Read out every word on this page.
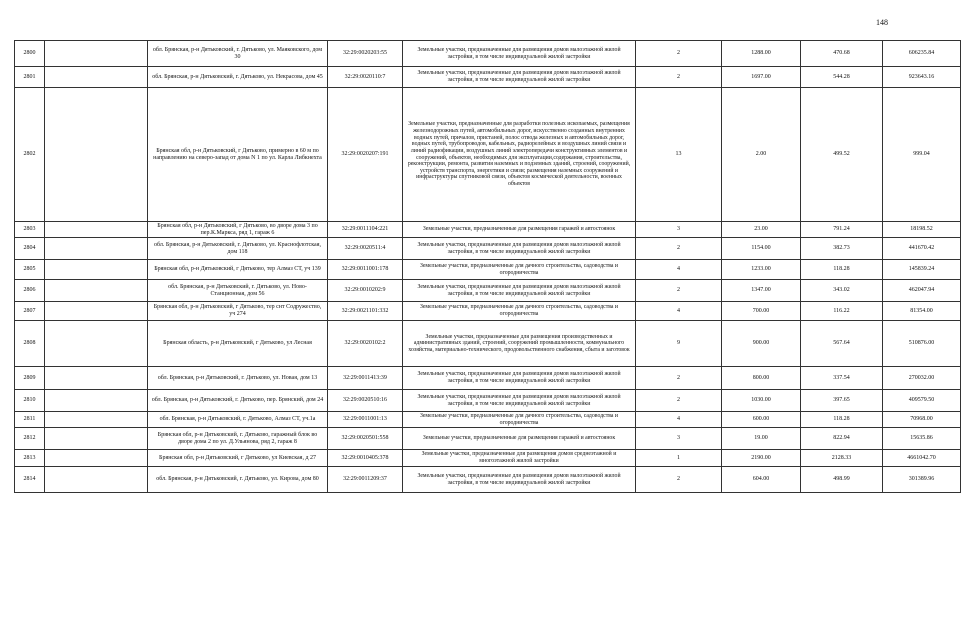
148
2800		обл. Брянская, р-н Дятьковский, г. Дятьково, ул. Маяковского, дом 30	32:29:0020203:55	Земельные участки, предназначенные для размещения домов малоэтажной жилой застройки, в том числе индивидуальной жилой застройки	2	1288.00	470.68	606235.84
2801		обл. Брянская, р-н Дятьковский, г. Дятьково, ул. Некрасова, дом 45	32:29:0020110:7	Земельные участки, предназначенные для размещения домов малоэтажной жилой застройки, в том числе индивидуальной жилой застройки	2	1697.00	544.28	923643.16
2802		Брянская обл, р-н Дятьковский, г Дятьково, примерно в 60 м по направлению на северо-запад от дома N 1 по ул. Карла Либкнехта	32:29:0020207:191	Земельные участки, предназначенные для разработки полезных ископаемых, размещения железнодорожных путей, автомобильных дорог, искусственно созданных внутренних водных путей, причалов, пристаней, полос отвода железных и автомобильных дорог, водных путей, трубопроводов, кабельных, радиорелейных и воздушных линий связи и линий радиофикации, воздушных линий электропередачи конструктивных элементов и сооружений, объектов, необходимых для эксплуатации,содержания, строительства, реконструкции, ремонта, развития наземных и подземных зданий, строений, сооружений, устройств транспорта, энергетики и связи; размещения наземных сооружений и инфраструктуры спутниковой связи, объектов космической деятельности, военных объектов	13	2.00	499.52	999.04
2803		Брянская обл, р-н Дятьковский, г Дятьково, во дворе дома 3 по пер.К.Маркса, ряд 1, гараж 6	32:29:0011104:221	Земельные участки, предназначенные для размещения гаражей и автостоянок	3	23.00	791.24	18198.52
2804		обл. Брянская, р-н Дятьковский, г. Дятьково, ул. Краснофлотская, дом 118	32:29:0020511:4	Земельные участки, предназначенные для размещения домов малоэтажной жилой застройки, в том числе индивидуальной жилой застройки	2	1154.00	382.73	441670.42
2805		Брянская обл, р-н Дятьковский, г Дятьково, тер Алмаз СТ, уч 139	32:29:0011001:178	Земельные участки, предназначенные для дачного строительства, садоводства и огородничества	4	1233.00	118.28	145839.24
2806		обл. Брянская, р-н Дятьковский, г. Дятьково, ул. Ново-Станционная, дом 56	32:29:0010202:9	Земельные участки, предназначенные для размещения домов малоэтажной жилой застройки, в том числе индивидуальной жилой застройки	2	1347.00	343.02	462047.94
2807		Брянская обл, р-н Дятьковский, г Дятьково, тер снт Содружество, уч 274	32:29:0021101:332	Земельные участки, предназначенные для дачного строительства, садоводства и огородничества	4	700.00	116.22	81354.00
2808		Брянская область, р-н Дятьковский, г Дятьково, ул Лесная	32:29:0020102:2	Земельные участки, предназначенные для размещения производственных и административных зданий, строений, сооружений промышленности, коммунального хозяйства, материально-технического, продовольственного снабжения, сбыта и заготовок	9	900.00	567.64	510876.00
2809		обл. Брянская, р-н Дятьковский, г. Дятьково, ул. Новая, дом 13	32:29:0011413:39	Земельные участки, предназначенные для размещения домов малоэтажной жилой застройки, в том числе индивидуальной жилой застройки	2	800.00	337.54	270032.00
2810		обл. Брянская, р-н Дятьковский, г. Дятьково, пер. Брянский, дом 24	32:29:0020510:16	Земельные участки, предназначенные для размещения домов малоэтажной жилой застройки, в том числе индивидуальной жилой застройки	2	1030.00	397.65	409579.50
2811		обл. Брянская, р-н Дятьковский, г. Дятьково, Алмаз СТ, уч.1а	32:29:0011001:13	Земельные участки, предназначенные для дачного строительства, садоводства и огородничества	4	600.00	118.28	70968.00
2812		Брянская обл, р-н Дятьковский, г. Дятьково, гаражный блок во дворе дома 2 по ул. Д.Ульянова, ряд 2, гараж 8	32:29:0020501:558	Земельные участки, предназначенные для размещения гаражей и автостоянок	3	19.00	822.94	15635.86
2813		Брянская обл, р-н Дятьковский, г Дятьково, ул Киевская, д 27	32:29:0010405:378	Земельные участки, предназначенные для размещения домов среднеэтажной и многоэтажной жилой застройки	1	2190.00	2128.33	4661042.70
2814		обл. Брянская, р-н Дятьковский, г. Дятьково, ул. Кирова, дом 80	32:29:0011209:37	Земельные участки, предназначенные для размещения домов малоэтажной жилой застройки, в том числе индивидуальной жилой застройки	2	604.00	498.99	301389.96
